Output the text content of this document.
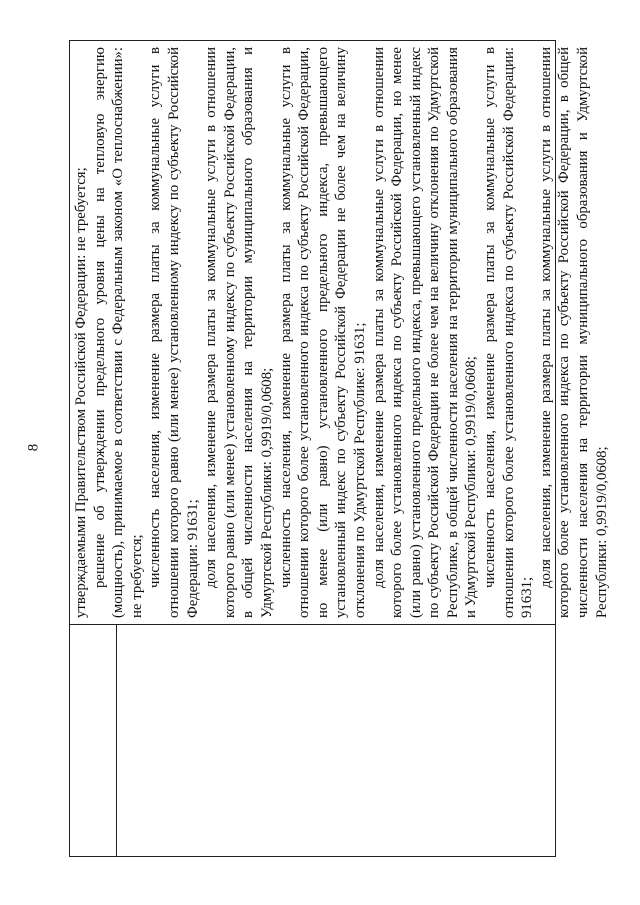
8 утверждаемыми Правительством Российской Федерации: не требуется; решение об утверждении предельного уровня цены на тепловую энергию (мощность), принимаемое в соответствии с Федеральным законом «О теплоснабжении»: не требуется; численность населения, изменение размера платы за коммунальные услуги в отношении которого равно (или менее) установленному индексу по субъекту Российской Федерации: 91631; доля населения, изменение размера платы за коммунальные услуги в отношении которого равно (или менее) установленному индексу по субъекту Российской Федерации, в общей численности населения на территории муниципального образования и Удмуртской Республики: 0,9919/0,0608; численность населения, изменение размера платы за коммунальные услуги в отношении которого более установленного индекса по субъекту Российской Федерации, но менее (или равно) установленного предельного индекса, превышающего установленный индекс по субъекту Российской Федерации не более чем на величину отклонения по Удмуртской Республике: 91631; доля населения, изменение размера платы за коммунальные услуги в отношении которого более установленного индекса по субъекту Российской Федерации, но менее (или равно) установленного предельного индекса, превышающего установленный индекс по субъекту Российской Федерации не более чем на величину отклонения по Удмуртской Республике, в общей численности населения на территории муниципального образования и Удмуртской Республики: 0,9919/0,0608; численность населения, изменение размера платы за коммунальные услуги в отношении которого более установленного индекса по субъекту Российской Федерации: 91631;

доля населения, изменение размера платы за коммунальные услуги в отношении которого более установленного индекса по субъекту Российской Федерации, в общей численности населения на территории муниципального образования и Удмуртской Республики: 0,9919/0,0608;
